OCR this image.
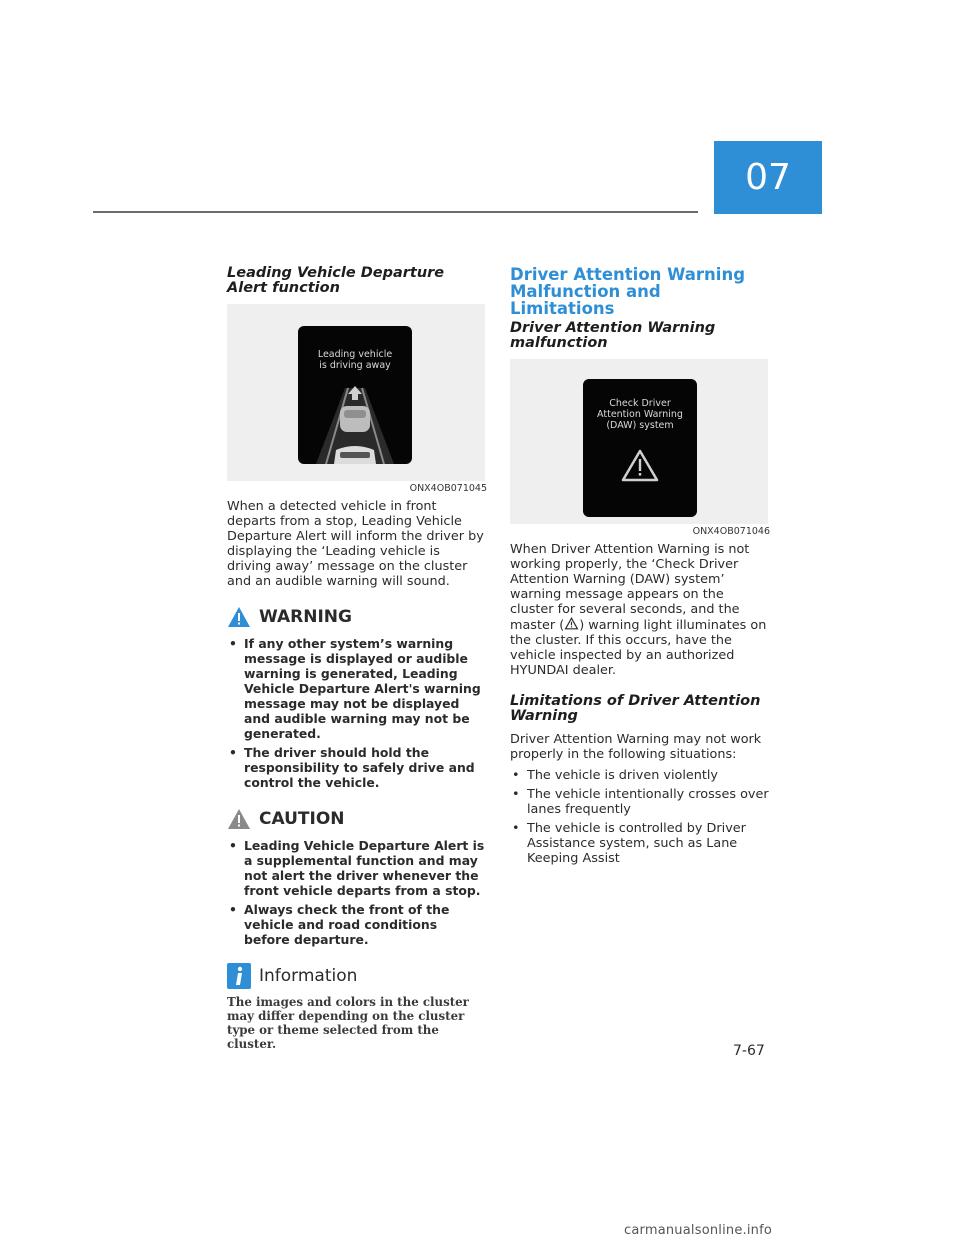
07
Leading Vehicle Departure Alert function
Leading vehicle
is driving away
ONX4OB071045

When a detected vehicle in front departs from a stop, Leading Vehicle Departure Alert will inform the driver by displaying the ‘Leading vehicle is driving away’ message on the cluster and an audible warning will sound.

WARNING
• If any other system’s warning message is displayed or audible warning is generated, Leading Vehicle Departure Alert's warning message may not be displayed and audible warning may not be generated.
• The driver should hold the responsibility to safely drive and control the vehicle.
CAUTION
• Leading Vehicle Departure Alert is a supplemental function and may not alert the driver whenever the front vehicle departs from a stop.
• Always check the front of the vehicle and road conditions before departure.
Information
The images and colors in the cluster may differ depending on the cluster type or theme selected from the cluster.
Driver Attention Warning Malfunction and Limitations
Driver Attention Warning malfunction
Check Driver
Attention Warning
(DAW) system
ONX4OB071046

When Driver Attention Warning is not working properly, the ‘Check Driver Attention Warning (DAW) system’ warning message appears on the cluster for several seconds, and the master ( ) warning light illuminates on the cluster. If this occurs, have the vehicle inspected by an authorized HYUNDAI dealer.

Limitations of Driver Attention Warning

Driver Attention Warning may not work properly in the following situations:

• The vehicle is driven violently
• The vehicle intentionally crosses over lanes frequently
• The vehicle is controlled by Driver Assistance system, such as Lane Keeping Assist
7-67
carmanualsonline.info
